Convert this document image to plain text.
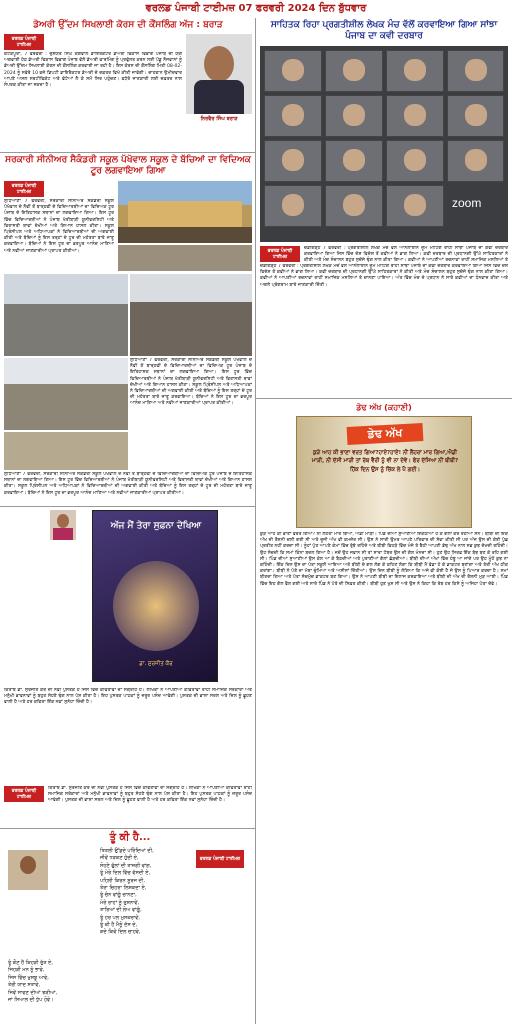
ਵਰਲਡ ਪੰਜਾਬੀ ਟਾਈਮਜ਼ 07 ਫਰਵਰੀ 2024 ਦਿਨ ਬੁੱਧਵਾਰ
ਡੇਅਰੀ ਉੱਦਮ ਸਿਖਲਾਈ ਕੋਰਸ ਦੀ ਕੌਂਸਲਿੰਗ ਅੱਜ : ਬਰਾੜ
ਵਰਲਡ ਪੰਜਾਬੀ ਟਾਈਮਜ਼
ਕੋਟਕਪੂਰਾ, 7 ਫਰਵਰੀ : ਦੁਸ਼ਯੰਤ ਸਿੰਘ ਕੰਗਵਾਲ ਡਾਇਰੈਕਟਰ ਡੇਅਰੀ ਵਿਕਾਸ ਵਿਭਾਗ ਪੰਜਾਬ ਦੀ ਯੋਗ ਅਗਵਾਈ ਹੇਠ ਡੇਅਰੀ ਵਿਕਾਸ ਵਿਭਾਗ ਪੰਜਾਬ ਵੱਲੋਂ ਡੇਅਰੀ ਫਾਰਮਿੰਗ ਨੂੰ ਪ੍ਰਫੁੱਲਤ ਕਰਨ ਲਈ ਪੇਂਡੂ ਨੌਜਵਾਨਾਂ ਨੂੰ ਡੇਅਰੀ ਉੱਦਮ ਸਿਖਲਾਈ ਕੋਰਸ ਦੀ ਕੌਂਸਲਿੰਗ ਕਰਵਾਈ ਜਾ ਰਹੀ ਹੈ। ਇਸ ਕੋਰਸ ਦੀ ਕੌਂਸਲਿੰਗ ਮਿਤੀ 08-02-2024 ਨੂੰ ਸਵੇਰੇ 10 ਵਜੇ ਡਿਪਟੀ ਡਾਇਰੈਕਟਰ ਡੇਅਰੀ ਦੇ ਦਫ਼ਤਰ ਵਿਖੇ ਕੀਤੀ ਜਾਵੇਗੀ। ਚਾਹਵਾਨ ਉਮੀਦਵਾਰ ਆਪਣੇ ਅਸਲ ਸਰਟੀਫਿਕੇਟ ਅਤੇ ਫੋਟੋਆਂ ਲੈ ਕੇ ਸਮੇਂ ਸਿਰ ਪਹੁੰਚਣ। ਵਧੇਰੇ ਜਾਣਕਾਰੀ ਲਈ ਦਫ਼ਤਰ ਨਾਲ ਸੰਪਰਕ ਕੀਤਾ ਜਾ ਸਕਦਾ ਹੈ।
ਨਿਰਵੈਰ ਸਿੰਘ ਬਰਾੜ
ਸਰਕਾਰੀ ਸੀਨੀਅਰ ਸੈਕੰਡਰੀ ਸਕੂਲ ਪੱਖੋਵਾਲ ਸਕੂਲ ਦੇ ਬੱਚਿਆਂ ਦਾ ਵਿਦਿਅਕ ਟੂਰ ਲਗਵਾਇਆ ਗਿਆ
ਵਰਲਡ ਪੰਜਾਬੀ ਟਾਈਮਜ਼
ਲੁਧਿਆਣਾ 7 ਫਰਵਰੀ, ਸਰਕਾਰੀ ਸੀਨੀਅਰ ਸੈਕੰਡਰੀ ਸਕੂਲ ਪੱਖੋਵਾਲ ਦੇ ਨੌਵੀਂ ਤੋਂ ਬਾਰ੍ਹਵੀਂ ਦੇ ਵਿਦਿਆਰਥੀਆਂ ਦਾ ਵਿਦਿਅਕ ਟੂਰ ਪੰਜਾਬ ਦੇ ਇਤਿਹਾਸਕ ਸਥਾਨਾਂ ਦਾ ਲਗਵਾਇਆ ਗਿਆ। ਇਸ ਟੂਰ ਵਿੱਚ ਵਿਦਿਆਰਥੀਆਂ ਨੇ ਪੰਜਾਬ ਖੇਤੀਬਾੜੀ ਯੂਨੀਵਰਸਿਟੀ ਅਤੇ ਵਿਰਾਸਤੀ ਥਾਵਾਂ ਦੇਖੀਆਂ ਅਤੇ ਗਿਆਨ ਹਾਸਲ ਕੀਤਾ। ਸਕੂਲ ਪ੍ਰਿੰਸੀਪਲ ਅਤੇ ਅਧਿਆਪਕਾਂ ਨੇ ਵਿਦਿਆਰਥੀਆਂ ਦੀ ਅਗਵਾਈ ਕੀਤੀ ਅਤੇ ਬੱਚਿਆਂ ਨੂੰ ਇਸ ਤਰ੍ਹਾਂ ਦੇ ਟੂਰ ਦੀ ਮਹੱਤਤਾ ਬਾਰੇ ਜਾਣੂ ਕਰਵਾਇਆ। ਬੱਚਿਆਂ ਨੇ ਇਸ ਟੂਰ ਦਾ ਭਰਪੂਰ ਆਨੰਦ ਮਾਣਿਆ ਅਤੇ ਨਵੀਆਂ ਜਾਣਕਾਰੀਆਂ ਪ੍ਰਾਪਤ ਕੀਤੀਆਂ।
ਲੁਧਿਆਣਾ 7 ਫਰਵਰੀ, ਸਰਕਾਰੀ ਸੀਨੀਅਰ ਸੈਕੰਡਰੀ ਸਕੂਲ ਪੱਖੋਵਾਲ ਦੇ ਨੌਵੀਂ ਤੋਂ ਬਾਰ੍ਹਵੀਂ ਦੇ ਵਿਦਿਆਰਥੀਆਂ ਦਾ ਵਿਦਿਅਕ ਟੂਰ ਪੰਜਾਬ ਦੇ ਇਤਿਹਾਸਕ ਸਥਾਨਾਂ ਦਾ ਲਗਵਾਇਆ ਗਿਆ। ਇਸ ਟੂਰ ਵਿੱਚ ਵਿਦਿਆਰਥੀਆਂ ਨੇ ਪੰਜਾਬ ਖੇਤੀਬਾੜੀ ਯੂਨੀਵਰਸਿਟੀ ਅਤੇ ਵਿਰਾਸਤੀ ਥਾਵਾਂ ਦੇਖੀਆਂ ਅਤੇ ਗਿਆਨ ਹਾਸਲ ਕੀਤਾ। ਸਕੂਲ ਪ੍ਰਿੰਸੀਪਲ ਅਤੇ ਅਧਿਆਪਕਾਂ ਨੇ ਵਿਦਿਆਰਥੀਆਂ ਦੀ ਅਗਵਾਈ ਕੀਤੀ ਅਤੇ ਬੱਚਿਆਂ ਨੂੰ ਇਸ ਤਰ੍ਹਾਂ ਦੇ ਟੂਰ ਦੀ ਮਹੱਤਤਾ ਬਾਰੇ ਜਾਣੂ ਕਰਵਾਇਆ। ਬੱਚਿਆਂ ਨੇ ਇਸ ਟੂਰ ਦਾ ਭਰਪੂਰ ਆਨੰਦ ਮਾਣਿਆ ਅਤੇ ਨਵੀਆਂ ਜਾਣਕਾਰੀਆਂ ਪ੍ਰਾਪਤ ਕੀਤੀਆਂ।
ਲੁਧਿਆਣਾ 7 ਫਰਵਰੀ, ਸਰਕਾਰੀ ਸੀਨੀਅਰ ਸੈਕੰਡਰੀ ਸਕੂਲ ਪੱਖੋਵਾਲ ਦੇ ਨੌਵੀਂ ਤੋਂ ਬਾਰ੍ਹਵੀਂ ਦੇ ਵਿਦਿਆਰਥੀਆਂ ਦਾ ਵਿਦਿਅਕ ਟੂਰ ਪੰਜਾਬ ਦੇ ਇਤਿਹਾਸਕ ਸਥਾਨਾਂ ਦਾ ਲਗਵਾਇਆ ਗਿਆ। ਇਸ ਟੂਰ ਵਿੱਚ ਵਿਦਿਆਰਥੀਆਂ ਨੇ ਪੰਜਾਬ ਖੇਤੀਬਾੜੀ ਯੂਨੀਵਰਸਿਟੀ ਅਤੇ ਵਿਰਾਸਤੀ ਥਾਵਾਂ ਦੇਖੀਆਂ ਅਤੇ ਗਿਆਨ ਹਾਸਲ ਕੀਤਾ। ਸਕੂਲ ਪ੍ਰਿੰਸੀਪਲ ਅਤੇ ਅਧਿਆਪਕਾਂ ਨੇ ਵਿਦਿਆਰਥੀਆਂ ਦੀ ਅਗਵਾਈ ਕੀਤੀ ਅਤੇ ਬੱਚਿਆਂ ਨੂੰ ਇਸ ਤਰ੍ਹਾਂ ਦੇ ਟੂਰ ਦੀ ਮਹੱਤਤਾ ਬਾਰੇ ਜਾਣੂ ਕਰਵਾਇਆ। ਬੱਚਿਆਂ ਨੇ ਇਸ ਟੂਰ ਦਾ ਭਰਪੂਰ ਆਨੰਦ ਮਾਣਿਆ ਅਤੇ ਨਵੀਆਂ ਜਾਣਕਾਰੀਆਂ ਪ੍ਰਾਪਤ ਕੀਤੀਆਂ।
ਅੱਜ ਮੈਂ ਤੇਰਾ ਸੁਫ਼ਨਾ ਦੇਖਿਆ
ਡਾ. ਸੁਰਜੀਤ ਕੌਰ
ਵਰਲਡ ਪੰਜਾਬੀ ਟਾਈਮਜ਼
ਕਿਤਾਬ ਡਾ. ਸੁਰਜੀਤ ਕੌਰ ਦੀ ਨਵੀਂ ਪੁਸਤਕ ਹੈ ਜਿਸ ਵਿੱਚ ਕਵਿਤਾਵਾਂ ਦਾ ਸੰਗ੍ਰਹਿ ਹੈ। ਲੇਖਿਕਾ ਨੇ ਆਪਣੀਆਂ ਕਵਿਤਾਵਾਂ ਰਾਹੀਂ ਸਮਾਜਿਕ ਸਰੋਕਾਰਾਂ ਅਤੇ ਮਨੁੱਖੀ ਭਾਵਨਾਵਾਂ ਨੂੰ ਬਹੁਤ ਸੋਹਣੇ ਢੰਗ ਨਾਲ ਪੇਸ਼ ਕੀਤਾ ਹੈ। ਇਹ ਪੁਸਤਕ ਪਾਠਕਾਂ ਨੂੰ ਜ਼ਰੂਰ ਪਸੰਦ ਆਵੇਗੀ। ਪੁਸਤਕ ਦੀ ਭਾਸ਼ਾ ਸਰਲ ਅਤੇ ਦਿਲ ਨੂੰ ਛੂਹਣ ਵਾਲੀ ਹੈ ਅਤੇ ਹਰ ਕਵਿਤਾ ਇੱਕ ਨਵਾਂ ਸੁਨੇਹਾ ਦਿੰਦੀ ਹੈ।
ਕਿਤਾਬ ਡਾ. ਸੁਰਜੀਤ ਕੌਰ ਦੀ ਨਵੀਂ ਪੁਸਤਕ ਹੈ ਜਿਸ ਵਿੱਚ ਕਵਿਤਾਵਾਂ ਦਾ ਸੰਗ੍ਰਹਿ ਹੈ। ਲੇਖਿਕਾ ਨੇ ਆਪਣੀਆਂ ਕਵਿਤਾਵਾਂ ਰਾਹੀਂ ਸਮਾਜਿਕ ਸਰੋਕਾਰਾਂ ਅਤੇ ਮਨੁੱਖੀ ਭਾਵਨਾਵਾਂ ਨੂੰ ਬਹੁਤ ਸੋਹਣੇ ਢੰਗ ਨਾਲ ਪੇਸ਼ ਕੀਤਾ ਹੈ। ਇਹ ਪੁਸਤਕ ਪਾਠਕਾਂ ਨੂੰ ਜ਼ਰੂਰ ਪਸੰਦ ਆਵੇਗੀ। ਪੁਸਤਕ ਦੀ ਭਾਸ਼ਾ ਸਰਲ ਅਤੇ ਦਿਲ ਨੂੰ ਛੂਹਣ ਵਾਲੀ ਹੈ ਅਤੇ ਹਰ ਕਵਿਤਾ ਇੱਕ ਨਵਾਂ ਸੁਨੇਹਾ ਦਿੰਦੀ ਹੈ।
ਤੂੰ ਕੀ ਹੈ...
ਵਰਲਡ ਪੰਜਾਬੀ ਟਾਈਮਜ਼
ਤਿਤਲੀ ਉੱਡਦੇ ਪਰਿੰਦਿਆਂ ਦੀ,
ਜੀਵੇਂ ਧੜਕਣ ਹੁੰਦੀ ਏ,
ਸੋਹਣੇ ਫੁੱਲਾਂ ਦੀ ਤਾਜ਼ਗੀ ਵਾਂਗ,
ਤੂੰ ਮੇਰੇ ਦਿਲ ਵਿੱਚ ਵੱਸਦੀ ਏ,
ਪਹਿਲੀ ਕਿਰਨ ਸੂਰਜ ਦੀ,
ਤੇਰਾ ਚਿਹਰਾ ਲਿਸ਼ਕਦਾ ਏ,
ਤੂੰ ਚੰਨ ਵਾਂਗੂੰ ਚਾਨਣਾ,
ਮੇਰੇ ਰਾਹਾਂ ਨੂੰ ਰੁਸ਼ਨਾਵੇਂ,
ਤਾਰਿਆਂ ਦੀ ਲੋਅ ਵਾਂਗੂੰ,
ਤੂੰ ਹਰ ਪਲ ਮੁਸਕਰਾਵੇਂ,
ਤੂੰ ਕੀ ਹੈ ਮੈਨੂੰ ਦੱਸ ਦੇ,
ਕਦੇ ਕਿਵੇਂ ਦਿਲ ਚਾਹਵੇ,
ਤੂੰ ਕੌਣ ਹੈਂ ਕਿਹੜੀ ਰੁੱਤ ਏ,
ਜਿਹੜੀ ਮਨ ਨੂੰ ਭਾਵੇ,
ਜਿਸ ਵਿੱਚ ਖੁਸ਼ਬੂ ਆਵੇ,
ਤੇਰੀ ਯਾਦ ਸਤਾਵੇ,
ਜਿਵੇਂ ਸਾਵਣ ਦੀਆਂ ਝੜੀਆਂ,
ਜਾਂ ਸਿਆਲ ਦੀ ਧੁੱਪ ਹੋਵੇ।
ਸਾਹਿਤਕ ਰਿਹਾ ਪ੍ਰਗਤੀਸ਼ੀਲ ਲੇਖਕ ਮੰਚ ਵੱਲੋਂ ਕਰਵਾਇਆ ਗਿਆ ਸਾਂਝਾ ਪੰਜਾਬ ਦਾ ਕਵੀ ਦਰਬਾਰ
zoom
ਵਰਲਡ ਪੰਜਾਬੀ ਟਾਈਮਜ਼
ਚੰਡੀਗੜ੍ਹ 7 ਫਰਵਰੀ : ਪ੍ਰਗਤੀਸ਼ੀਲ ਲੇਖਕ ਮੰਚ ਵੱਲੋਂ ਆਨਲਾਈਨ ਜ਼ੂਮ ਮੀਟਿੰਗ ਰਾਹੀਂ ਸਾਂਝਾ ਪੰਜਾਬ ਦਾ ਕਵੀ ਦਰਬਾਰ ਕਰਵਾਇਆ ਗਿਆ ਜਿਸ ਵਿੱਚ ਦੇਸ਼ ਵਿਦੇਸ਼ ਤੋਂ ਕਵੀਆਂ ਨੇ ਭਾਗ ਲਿਆ। ਕਵੀ ਦਰਬਾਰ ਦੀ ਪ੍ਰਧਾਨਗੀ ਉੱਘੇ ਸਾਹਿਤਕਾਰਾਂ ਨੇ ਕੀਤੀ ਅਤੇ ਮੰਚ ਸੰਚਾਲਨ ਬਹੁਤ ਸੁਚੱਜੇ ਢੰਗ ਨਾਲ ਕੀਤਾ ਗਿਆ। ਕਵੀਆਂ ਨੇ ਆਪਣੀਆਂ ਰਚਨਾਵਾਂ ਰਾਹੀਂ ਸਮਾਜਿਕ ਮਸਲਿਆਂ ਤੇ ਚਾਨਣਾ ਪਾਇਆ। ਅੰਤ ਵਿੱਚ ਮੰਚ ਦੇ ਪ੍ਰਧਾਨ ਨੇ ਸਾਰੇ ਕਵੀਆਂ ਦਾ ਧੰਨਵਾਦ ਕੀਤਾ ਅਤੇ ਅਗਲੇ ਪ੍ਰੋਗਰਾਮ ਬਾਰੇ ਜਾਣਕਾਰੀ ਦਿੱਤੀ।
ਚੰਡੀਗੜ੍ਹ 7 ਫਰਵਰੀ : ਪ੍ਰਗਤੀਸ਼ੀਲ ਲੇਖਕ ਮੰਚ ਵੱਲੋਂ ਆਨਲਾਈਨ ਜ਼ੂਮ ਮੀਟਿੰਗ ਰਾਹੀਂ ਸਾਂਝਾ ਪੰਜਾਬ ਦਾ ਕਵੀ ਦਰਬਾਰ ਕਰਵਾਇਆ ਗਿਆ ਜਿਸ ਵਿੱਚ ਦੇਸ਼ ਵਿਦੇਸ਼ ਤੋਂ ਕਵੀਆਂ ਨੇ ਭਾਗ ਲਿਆ। ਕਵੀ ਦਰਬਾਰ ਦੀ ਪ੍ਰਧਾਨਗੀ ਉੱਘੇ ਸਾਹਿਤਕਾਰਾਂ ਨੇ ਕੀਤੀ ਅਤੇ ਮੰਚ ਸੰਚਾਲਨ ਬਹੁਤ ਸੁਚੱਜੇ ਢੰਗ ਨਾਲ ਕੀਤਾ ਗਿਆ। ਕਵੀਆਂ ਨੇ ਆਪਣੀਆਂ ਰਚਨਾਵਾਂ ਰਾਹੀਂ ਸਮਾਜਿਕ ਮਸਲਿਆਂ ਤੇ
ਡੇਢ ਅੱਖ (ਕਹਾਣੀ)
ਡੇਢ ਅੱਖ
ਕੁੜੇ ਆਹ ਕੀ ਭਾਣਾ ਵਰਤ ਗਿਆ?ਹਾਏ?ਹਾਏ! ਨੀਂ ਲੈਂਹਰਾ ਮਾਰ ਗਿਆ,ਐਡੀ ਮਾੜੀ, ਨੀ ਦੱਸੀ ਮਾੜੀ ਤਾਂ ਰੱਬ ਵੈਰੀ ਨੂੰ ਵੀ ਨਾ ਦੇਵੇ। ਫੇਰ ਦੱਸਿਆ ਨੀਂ ਬੀਬੀ? ਹਿੱਕ ਦਿਨ ਉਸ ਨੂੰ ਚਿੱਕ ਲੇ ਪੈ ਗਈ।
ਕੁੜੇ ਆਹ ਕੀ ਭਾਣਾ ਵਰਤ ਗਿਆ? ਨੀਂ ਲੈਂਹਰਾ ਮਾਰ ਗਿਆ, ਐਡੀ ਮਾੜੀ। ਪਿੰਡ ਦੀਆਂ ਸੁਆਣੀਆਂ ਇਕੱਠੀਆਂ ਹੋ ਕੇ ਗੱਲਾਂ ਕਰ ਰਹੀਆਂ ਸਨ। ਬੀਬੀ ਦੀ ਇੱਕ ਅੱਖ ਦੀ ਰੌਸ਼ਨੀ ਚਲੀ ਗਈ ਸੀ ਅਤੇ ਦੂਜੀ ਅੱਖ ਵੀ ਕਮਜ਼ੋਰ ਸੀ। ਉਸ ਨੇ ਸਾਰੀ ਉਮਰ ਆਪਣੇ ਪਰਿਵਾਰ ਦੀ ਸੇਵਾ ਕੀਤੀ ਸੀ ਪਰ ਅੱਜ ਉਸ ਦੀ ਕੋਈ ਪੁੱਛ ਪ੍ਰਤੀਤ ਨਹੀਂ ਕਰਦਾ ਸੀ। ਨੂੰਹਾਂ ਪੁੱਤ ਆਪਣੇ ਕੰਮਾਂ ਵਿੱਚ ਰੁੱਝੇ ਰਹਿੰਦੇ ਅਤੇ ਬੀਬੀ ਵਿਹੜੇ ਵਿੱਚ ਮੰਜੇ ਤੇ ਬੈਠੀ ਆਪਣੀ ਡੇਢ ਅੱਖ ਨਾਲ ਸਭ ਕੁਝ ਦੇਖਦੀ ਰਹਿੰਦੀ। ਉਹ ਸੋਚਦੀ ਕਿ ਸਮਾਂ ਕਿੰਨਾ ਬਦਲ ਗਿਆ ਹੈ। ਜਦੋਂ ਉਹ ਜਵਾਨ ਸੀ ਤਾਂ ਸਾਰਾ ਟੱਬਰ ਉਸ ਦੀ ਗੱਲ ਮੰਨਦਾ ਸੀ। ਹੁਣ ਉਹ ਸਿਰਫ਼ ਇੱਕ ਬੋਝ ਬਣ ਕੇ ਰਹਿ ਗਈ ਸੀ। ਪਿੰਡ ਦੀਆਂ ਸੁਆਣੀਆਂ ਉਸ ਕੋਲ ਆ ਕੇ ਬੈਠਦੀਆਂ ਅਤੇ ਪੁਰਾਣੀਆਂ ਗੱਲਾਂ ਛੇੜਦੀਆਂ। ਬੀਬੀ ਦੀਆਂ ਅੱਖਾਂ ਵਿੱਚ ਹੰਝੂ ਆ ਜਾਂਦੇ ਪਰ ਉਹ ਮੂੰਹੋਂ ਕੁਝ ਨਾ ਕਹਿੰਦੀ। ਇੱਕ ਦਿਨ ਉਸ ਦਾ ਪੋਤਾ ਸਕੂਲੋਂ ਆਇਆ ਅਤੇ ਬੀਬੀ ਦੇ ਗਲ ਲੱਗ ਕੇ ਕਹਿਣ ਲੱਗਾ ਕਿ ਬੀਬੀ ਮੈਂ ਵੱਡਾ ਹੋ ਕੇ ਡਾਕਟਰ ਬਣਾਂਗਾ ਅਤੇ ਤੇਰੀ ਅੱਖ ਠੀਕ ਕਰਾਂਗਾ। ਬੀਬੀ ਨੇ ਪੋਤੇ ਦਾ ਮੱਥਾ ਚੁੰਮਿਆ ਅਤੇ ਅਸੀਸਾਂ ਦਿੱਤੀਆਂ। ਉਸ ਦਿਨ ਬੀਬੀ ਨੂੰ ਲੱਗਿਆ ਕਿ ਅਜੇ ਵੀ ਕੋਈ ਹੈ ਜੋ ਉਸ ਨੂੰ ਪਿਆਰ ਕਰਦਾ ਹੈ। ਸਮਾਂ ਬੀਤਦਾ ਗਿਆ ਅਤੇ ਪੋਤਾ ਸੱਚਮੁੱਚ ਡਾਕਟਰ ਬਣ ਗਿਆ। ਉਸ ਨੇ ਆਪਣੀ ਬੀਬੀ ਦਾ ਇਲਾਜ ਕਰਵਾਇਆ ਅਤੇ ਬੀਬੀ ਦੀ ਅੱਖ ਦੀ ਰੌਸ਼ਨੀ ਮੁੜ ਆਈ। ਪਿੰਡ ਵਿੱਚ ਇਹ ਗੱਲ ਫੈਲ ਗਈ ਅਤੇ ਸਾਰੇ ਪਿੰਡ ਨੇ ਪੋਤੇ ਦੀ ਸਿਫ਼ਤ ਕੀਤੀ। ਬੀਬੀ ਹੁਣ ਖੁਸ਼ ਸੀ ਅਤੇ ਉਸ ਨੇ ਕਿਹਾ ਕਿ ਰੱਬ ਹਰ ਕਿਸੇ ਨੂੰ ਅਜਿਹਾ ਪੋਤਾ ਦੇਵੇ।
